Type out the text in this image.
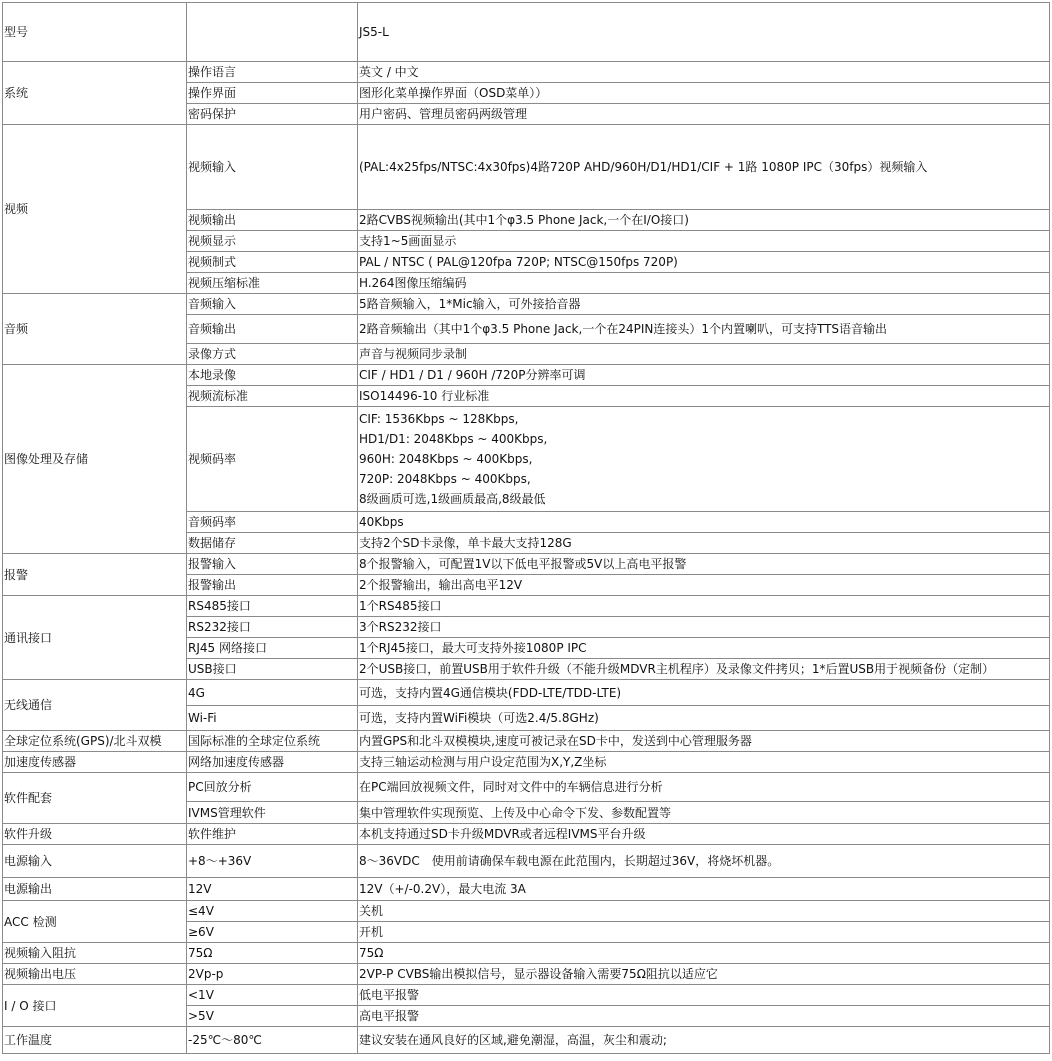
型号		JS5-L
系统	操作语言	英文 / 中文
	操作界面	图形化菜单操作界面（OSD菜单））
	密码保护	用户密码、管理员密码两级管理
视频	视频输入	(PAL:4x25fps/NTSC:4x30fps)4路720P AHD/960H/D1/HD1/CIF + 1路 1080P IPC（30fps）视频输入
	视频输出	2路CVBS视频输出(其中1个φ3.5 Phone Jack,一个在I/O接口)
	视频显示	支持1~5画面显示
	视频制式	PAL / NTSC ( PAL@120fpa 720P; NTSC@150fps 720P)
	视频压缩标准	H.264图像压缩编码
音频	音频输入	5路音频输入，1*Mic输入，可外接拾音器
	音频输出	2路音频输出（其中1个φ3.5 Phone Jack,一个在24PIN连接头）1个内置喇叭，可支持TTS语音输出
	录像方式	声音与视频同步录制
图像处理及存储	本地录像	CIF / HD1 / D1 / 960H /720P分辨率可调
	视频流标准	ISO14496-10 行业标准
	视频码率	CIF: 1536Kbps ~ 128Kbps,
HD1/D1: 2048Kbps ~ 400Kbps,
960H: 2048Kbps ~ 400Kbps,
720P: 2048Kbps ~ 400Kbps,
8级画质可选,1级画质最高,8级最低

	音频码率	40Kbps
	数据储存	支持2个SD卡录像，单卡最大支持128G
报警	报警输入	8个报警输入，可配置1V以下低电平报警或5V以上高电平报警
	报警输出	2个报警输出，输出高电平12V
通讯接口	RS485接口	1个RS485接口
	RS232接口	3个RS232接口
	RJ45 网络接口	1个RJ45接口，最大可支持外接1080P IPC
	USB接口	2个USB接口，前置USB用于软件升级（不能升级MDVR主机程序）及录像文件拷贝；1*后置USB用于视频备份（定制）
无线通信	4G	可选，支持内置4G通信模块(FDD-LTE/TDD-LTE)
	Wi-Fi	可选，支持内置WiFi模块（可选2.4/5.8GHz)
全球定位系统(GPS)/北斗双模	国际标准的全球定位系统	内置GPS和北斗双模模块,速度可被记录在SD卡中，发送到中心管理服务器
加速度传感器	网络加速度传感器	支持三轴运动检测与用户设定范围为X,Y,Z坐标
软件配套	PC回放分析	在PC端回放视频文件，同时对文件中的车辆信息进行分析
	IVMS管理软件	集中管理软件实现预览、上传及中心命令下发、参数配置等
软件升级	软件维护	本机支持通过SD卡升级MDVR或者远程IVMS平台升级
电源输入	+8～+36V	8～36VDC　使用前请确保车载电源在此范围内，长期超过36V，将烧坏机器。
电源输出	12V	12V（+/-0.2V），最大电流 3A
ACC 检测	≤4V	关机
	≥6V	开机
视频输入阻抗	75Ω	75Ω
视频输出电压	2Vp-p	2VP-P CVBS输出模拟信号，显示器设备输入需要75Ω阻抗以适应它
I / O 接口	<1V	低电平报警
	>5V	高电平报警
工作温度	-25℃～80℃	建议安装在通风良好的区域,避免潮湿，高温，灰尘和震动;
